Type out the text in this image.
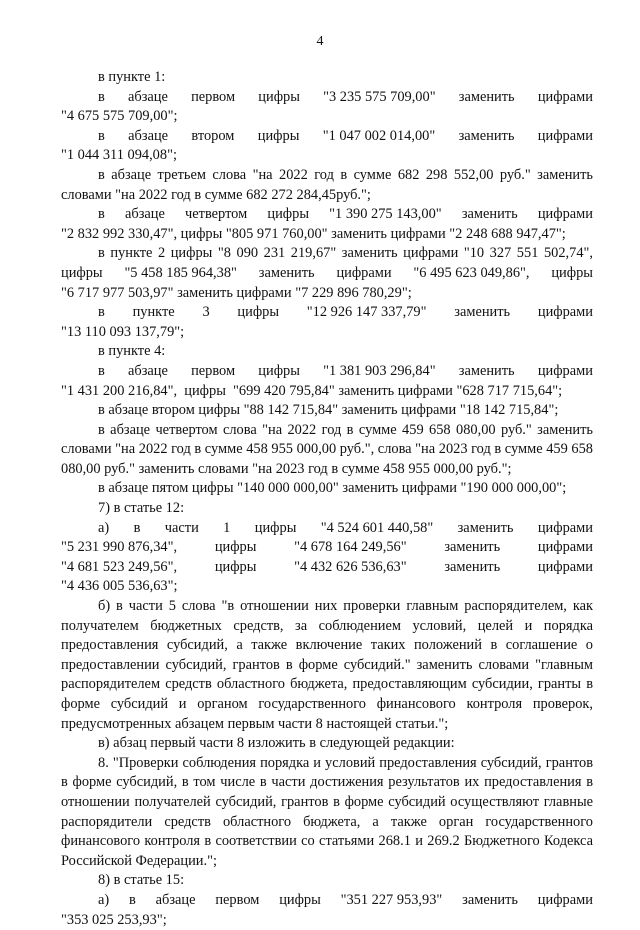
4

в пункте 1:

в абзаце первом цифры "3 235 575 709,00" заменить цифрами

"4 675 575 709,00";

в абзаце втором цифры "1 047 002 014,00" заменить цифрами

"1 044 311 094,08";

в абзаце третьем слова "на 2022 год в сумме 682 298 552,00 руб." заменить словами "на 2022 год в сумме 682 272 284,45руб.";

в абзаце четвертом цифры "1 390 275 143,00" заменить цифрами

"2 832 992 330,47", цифры "805 971 760,00" заменить цифрами "2 248 688 947,47";

в пункте 2 цифры "8 090 231 219,67" заменить цифрами "10 327 551 502,74",

цифры "5 458 185 964,38" заменить цифрами "6 495 623 049,86", цифры

"6 717 977 503,97" заменить цифрами "7 229 896 780,29";

в пункте 3 цифры "12 926 147 337,79" заменить цифрами

"13 110 093 137,79";

в пункте 4:

в абзаце первом цифры "1 381 903 296,84" заменить цифрами

"1 431 200 216,84",  цифры  "699 420 795,84" заменить цифрами "628 717 715,64";

в абзаце втором цифры "88 142 715,84" заменить цифрами "18 142 715,84";

в абзаце четвертом слова "на 2022 год в сумме 459 658 080,00 руб." заменить словами "на 2022 год в сумме 458 955 000,00 руб.", слова "на 2023 год в сумме 459 658 080,00 руб." заменить словами "на 2023 год в сумме 458 955 000,00 руб.";

в абзаце пятом цифры "140 000 000,00" заменить цифрами "190 000 000,00";

7) в статье 12:

а) в части 1 цифры "4 524 601 440,58" заменить цифрами
"5 231 990 876,34",	цифры	"4 678 164 249,56"	заменить	цифрами
"4 681 523 249,56",	цифры	"4 432 626 536,63"	заменить	цифрами

"4 436 005 536,63";

б) в части 5 слова "в отношении них проверки главным распорядителем, как получателем бюджетных средств, за соблюдением условий, целей и порядка предоставления субсидий, а также включение таких положений в соглашение о предоставлении субсидий, грантов в форме субсидий." заменить словами "главным распорядителем средств областного бюджета, предоставляющим субсидии, гранты в форме субсидий и органом государственного финансового контроля проверок, предусмотренных абзацем первым части 8 настоящей статьи.";

в) абзац первый части 8 изложить в следующей редакции:

8. "Проверки соблюдения порядка и условий предоставления субсидий, грантов в форме субсидий, в том числе в части достижения результатов их предоставления в отношении получателей субсидий, грантов в форме субсидий осуществляют главные распорядители средств областного бюджета, а также орган государственного финансового контроля в соответствии со статьями 268.1 и 269.2 Бюджетного Кодекса Российской Федерации.";

8) в статье 15:

а) в абзаце первом цифры "351 227 953,93" заменить цифрами

"353 025 253,93";
